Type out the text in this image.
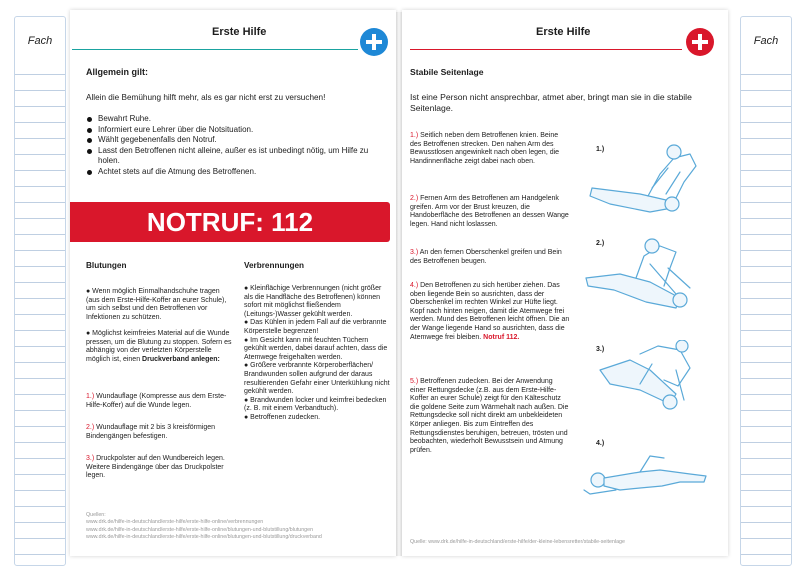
Fach	Fach
Erste Hilfe
Allgemein gilt:
Allein die Bemühung hilft mehr, als es gar nicht erst zu versuchen!
Bewahrt Ruhe.
Informiert eure Lehrer über die Notsituation.
Wählt gegebenenfalls den Notruf.
Lasst den Betroffenen nicht alleine, außer es ist unbedingt nötig, um Hilfe zu holen.
Achtet stets auf die Atmung des Betroffenen.
NOTRUF: 112
Blutungen
● Wenn möglich Einmalhandschuhe tragen (aus dem Erste-Hilfe-Koffer an eurer Schule), um sich selbst und den Betroffenen vor Infektionen zu schützen.
● Möglichst keimfreies Material auf die Wunde pressen, um die Blutung zu stoppen. Sofern es abhängig von der verletzten Körperstelle möglich ist, einen Druckverband anlegen:
1.) Wundauflage (Kompresse aus dem Erste-Hilfe-Koffer) auf die Wunde legen.
2.) Wundauflage mit 2 bis 3 kreisförmigen Bindengängen befestigen.
3.) Druckpolster auf den Wundbereich legen. Weitere Bindengänge über das Druckpolster legen.
Verbrennungen
● Kleinflächige Verbrennungen (nicht größer als die Handfläche des Betroffenen) können sofort mit möglichst fließendem (Leitungs-)Wasser gekühlt werden.
● Das Kühlen in jedem Fall auf die verbrannte Körperstelle begrenzen!
● Im Gesicht kann mit feuchten Tüchern gekühlt werden, dabei darauf achten, dass die Atemwege freigehalten werden.
● Größere verbrannte Körperoberflächen/ Brandwunden sollen aufgrund der daraus resultierenden Gefahr einer Unterkühlung nicht gekühlt werden.
● Brandwunden locker und keimfrei bedecken (z. B. mit einem Verbandtuch).
● Betroffenen zudecken.
Quellen:
www.drk.de/hilfe-in-deutschland/erste-hilfe/erste-hilfe-online/verbrennungen
www.drk.de/hilfe-in-deutschland/erste-hilfe/erste-hilfe-online/blutungen-und-blutstillung/blutungen
www.drk.de/hilfe-in-deutschland/erste-hilfe/erste-hilfe-online/blutungen-und-blutstillung/druckverband
Erste Hilfe
Stabile Seitenlage
Ist eine Person nicht ansprechbar, atmet aber, bringt man sie in die stabile Seitenlage.
1.) Seitlich neben dem Betroffenen knien. Beine des Betroffenen strecken. Den nahen Arm des Bewusstlosen angewinkelt nach oben legen, die Handinnenfläche zeigt dabei nach oben.
2.) Fernen Arm des Betroffenen am Handgelenk greifen. Arm vor der Brust kreuzen, die Handoberfläche des Betroffenen an dessen Wange legen. Hand nicht loslassen.
3.) An den fernen Oberschenkel greifen und Bein des Betroffenen beugen.
4.) Den Betroffenen zu sich herüber ziehen. Das oben liegende Bein so ausrichten, dass der Oberschenkel im rechten Winkel zur Hüfte liegt. Kopf nach hinten neigen, damit die Atemwege frei werden. Mund des Betroffenen leicht öffnen. Die an der Wange liegende Hand so ausrichten, dass die Atemwege frei bleiben. Notruf 112.
5.) Betroffenen zudecken. Bei der Anwendung einer Rettungsdecke (z.B. aus dem Erste-Hilfe-Koffer an eurer Schule) zeigt für den Kälteschutz die goldene Seite zum Wärmehalt nach außen. Die Rettungsdecke soll nicht direkt am unbekleideten Körper anliegen. Bis zum Eintreffen des Rettungsdienstes beruhigen, betreuen, trösten und beobachten, wiederholt Bewusstsein und Atmung prüfen.
Quelle: www.drk.de/hilfe-in-deutschland/erste-hilfe/der-kleine-lebensretter/stabile-seitenlage
1.)
2.)
3.)
4.)
